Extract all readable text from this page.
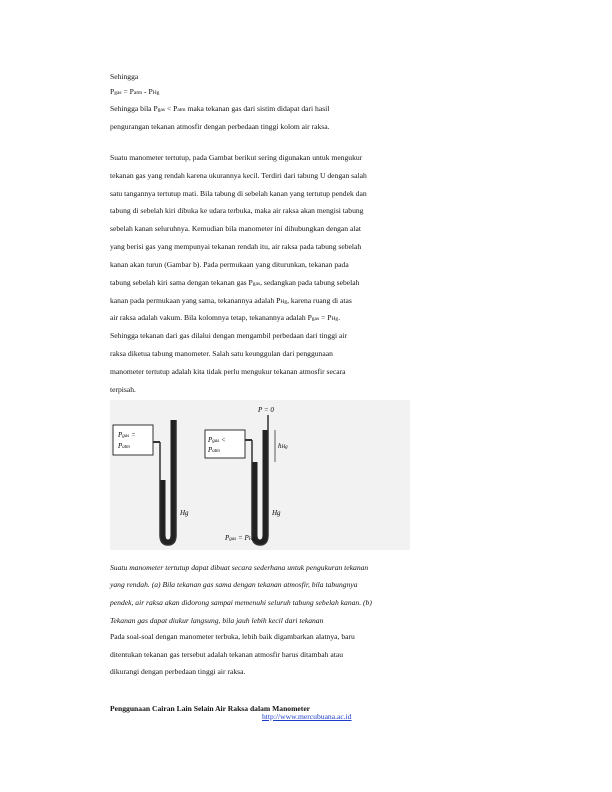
Sehingga
Pgas = Patm - PHg
Sehingga bila Pgas < Patm maka tekanan gas dari sistim didapat dari hasil
pengurangan tekanan atmosfir dengan perbedaan tinggi kolom air raksa.
Suatu manometer tertutup, pada Gambat berikut sering digunakan untuk mengukur
tekanan gas yang rendah karena ukurannya kecil. Terdiri dari tabung U dengan salah
satu tangannya tertutup mati. Bila tabung di sebelah kanan yang tertutup pendek dan
tabung di sebelah kiri dibuka ke udara terbuka, maka air raksa akan mengisi tabung
sebelah kanan seluruhnya. Kemudian bila manometer ini dihubungkan dengan alat
yang berisi gas yang mempunyai tekanan rendah itu, air raksa pada tabung sebelah
kanan akan turun (Gambar b). Pada permukaan yang diturunkan, tekanan pada
tabung sebelah kiri sama dengan tekanan gas Pgas, sedangkan pada tabung sebelah
kanan pada permukaan yang sama, tekanannya adalah PHg, karena ruang di atas
air raksa adalah vakum. Bila kolomnya tetap, tekanannya adalah Pgas = PHg.
Sehingga tekanan dari gas dilalui dengan mengambil perbedaan dari tinggi air
raksa diketua tabung manometer. Salah satu keunggulan dari penggunaan
manometer tertutup adalah kita tidak perlu mengukur tekanan atmosfir secara
terpisah.
Pgas =
Patm
Hg
P = 0
Pgas <
Patm
hHg
Hg
Pgas = PHg
Suatu manometer tertutup dapat dibuat secara sederhana untuk pengukuran tekanan
yang rendah. (a) Bila tekanan gas sama dengan tekanan atmosfir, bila tabungnya
pendek, air raksa akan didorong sampai memenuhi seluruh tabung sebelah kanan. (b)
Tekanan gas dapat diukur langsung, bila jauh lebih kecil dari tekanan
Pada soal-soal dengan manometer terbuka, lebih baik digambarkan alatnya, baru
ditentukan tekanan gas tersebut adalah tekanan atmosfir harus ditambah atau
dikurangi dengan perbedaan tinggi air raksa.
Penggunaan Cairan Lain Selain Air Raksa dalam Manometer
http://www.mercubuana.ac.id
